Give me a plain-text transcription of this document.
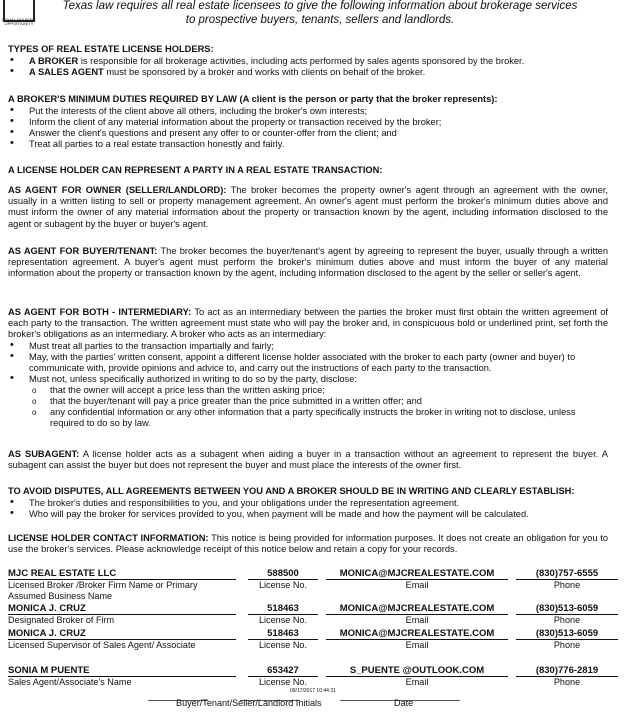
EQUAL HOUSING OPPORTUNITY
Texas law requires all real estate licensees to give the following information about brokerage services to prospective buyers, tenants, sellers and landlords.
TYPES OF REAL ESTATE LICENSE HOLDERS:
• A BROKER is responsible for all brokerage activities, including acts performed by sales agents sponsored by the broker.
• A SALES AGENT must be sponsored by a broker and works with clients on behalf of the broker.
A BROKER'S MINIMUM DUTIES REQUIRED BY LAW (A client is the person or party that the broker represents):
• Put the interests of the client above all others, including the broker's own interests;
• Inform the client of any material information about the property or transaction received by the broker;
• Answer the client's questions and present any offer to or counter-offer from the client; and
• Treat all parties to a real estate transaction honestly and fairly.
A LICENSE HOLDER CAN REPRESENT A PARTY IN A REAL ESTATE TRANSACTION:
AS AGENT FOR OWNER (SELLER/LANDLORD): The broker becomes the property owner's agent through an agreement with the owner, usually in a written listing to sell or property management agreement. An owner's agent must perform the broker's minimum duties above and must inform the owner of any material information about the property or transaction known by the agent, including information disclosed to the agent or subagent by the buyer or buyer's agent.
AS AGENT FOR BUYER/TENANT: The broker becomes the buyer/tenant's agent by agreeing to represent the buyer, usually through a written representation agreement. A buyer's agent must perform the broker's minimum duties above and must inform the buyer of any material information about the property or transaction known by the agent, including information disclosed to the agent by the seller or seller's agent.
AS AGENT FOR BOTH - INTERMEDIARY: To act as an intermediary between the parties the broker must first obtain the written agreement of each party to the transaction. The written agreement must state who will pay the broker and, in conspicuous bold or underlined print, set forth the broker's obligations as an intermediary. A broker who acts as an intermediary:
• Must treat all parties to the transaction impartially and fairly;
• May, with the parties' written consent, appoint a different license holder associated with the broker to each party (owner and buyer) to communicate with, provide opinions and advice to, and carry out the instructions of each party to the transaction.
• Must not, unless specifically authorized in writing to do so by the party, disclose:
o that the owner will accept a price less than the written asking price;
o that the buyer/tenant will pay a price greater than the price submitted in a written offer; and
o any confidential information or any other information that a party specifically instructs the broker in writing not to disclose, unless required to do so by law.
AS SUBAGENT: A license holder acts as a subagent when aiding a buyer in a transaction without an agreement to represent the buyer. A subagent can assist the buyer but does not represent the buyer and must place the interests of the owner first.
TO AVOID DISPUTES, ALL AGREEMENTS BETWEEN YOU AND A BROKER SHOULD BE IN WRITING AND CLEARLY ESTABLISH:
• The broker's duties and responsibilities to you, and your obligations under the representation agreement.
• Who will pay the broker for services provided to you, when payment will be made and how the payment will be calculated.
LICENSE HOLDER CONTACT INFORMATION: This notice is being provided for information purposes. It does not create an obligation for you to use the broker's services. Please acknowledge receipt of this notice below and retain a copy for your records.
MJC REAL ESTATE LLC
Licensed Broker /Broker Firm Name or Primary Assumed Business Name
588500
License No.
MONICA@MJCREALESTATE.COM
Email
(830)757-6555
Phone
MONICA J. CRUZ
Designated Broker of Firm
518463
License No.
MONICA@MJCREALESTATE.COM
Email
(830)513-6059
Phone
MONICA J. CRUZ
Licensed Supervisor of Sales Agent/ Associate
518463
License No.
MONICA@MJCREALESTATE.COM
Email
(830)513-6059
Phone
SONIA M PUENTE
Sales Agent/Associate's Name
653427
License No.
S_PUENTE @OUTLOOK.COM
Email
(830)776-2819
Phone
09/17/2017 10:44:31
Buyer/Tenant/Seller/Landlord Initials	Date
